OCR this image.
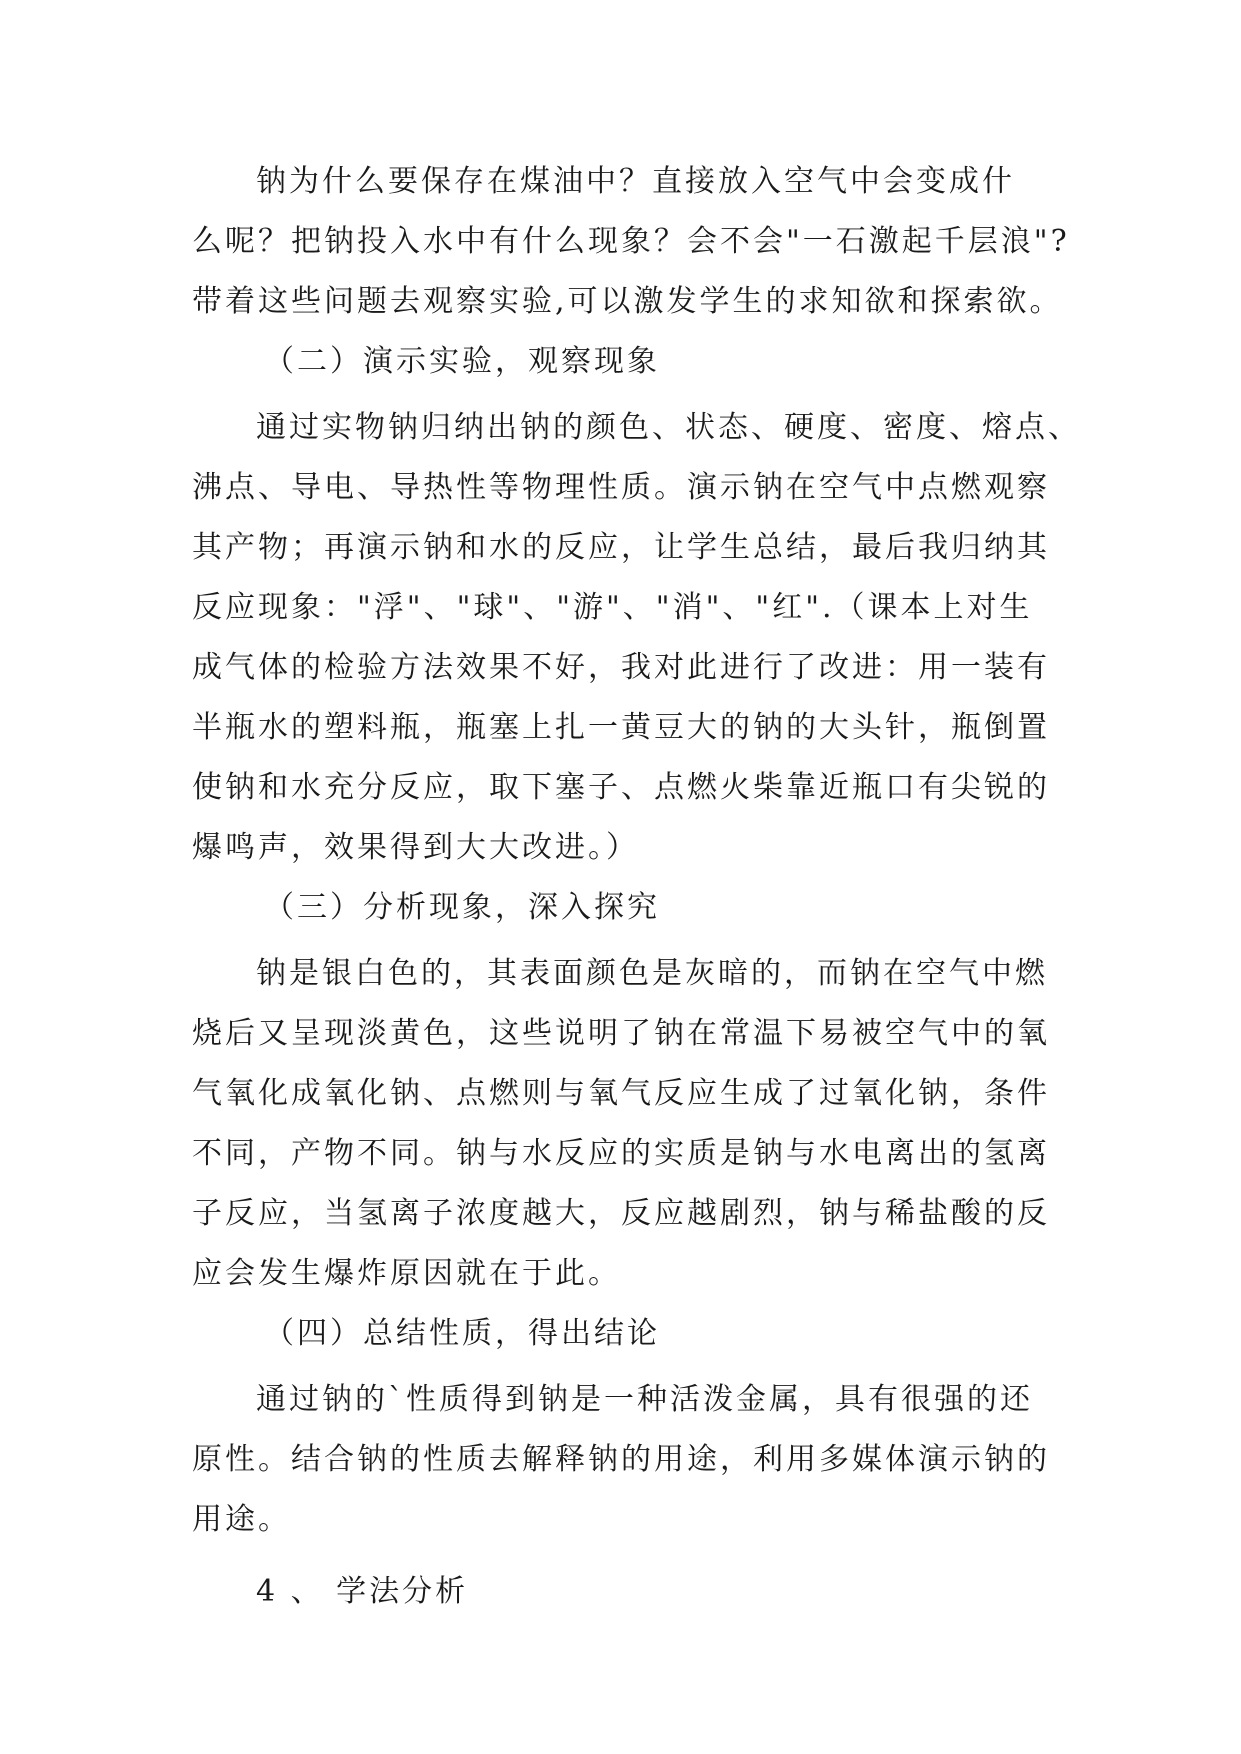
钠为什么要保存在煤油中？直接放入空气中会变成什
么呢？把钠投入水中有什么现象？会不会"一石激起千层浪"?
带着这些问题去观察实验,可以激发学生的求知欲和探索欲。
（二）演示实验，观察现象
通过实物钠归纳出钠的颜色、状态、硬度、密度、熔点、
沸点、导电、导热性等物理性质。演示钠在空气中点燃观察
其产物；再演示钠和水的反应，让学生总结，最后我归纳其
反应现象："浮"、"球"、"游"、"消"、"红".（课本上对生
成气体的检验方法效果不好，我对此进行了改进：用一装有
半瓶水的塑料瓶，瓶塞上扎一黄豆大的钠的大头针，瓶倒置
使钠和水充分反应，取下塞子、点燃火柴靠近瓶口有尖锐的
爆鸣声，效果得到大大改进。）
（三）分析现象，深入探究
钠是银白色的，其表面颜色是灰暗的，而钠在空气中燃
烧后又呈现淡黄色，这些说明了钠在常温下易被空气中的氧
气氧化成氧化钠、点燃则与氧气反应生成了过氧化钠，条件
不同，产物不同。钠与水反应的实质是钠与水电离出的氢离
子反应，当氢离子浓度越大，反应越剧烈，钠与稀盐酸的反
应会发生爆炸原因就在于此。
（四）总结性质，得出结论
通过钠的`性质得到钠是一种活泼金属，具有很强的还
原性。结合钠的性质去解释钠的用途，利用多媒体演示钠的
用途。
4 、 学法分析
